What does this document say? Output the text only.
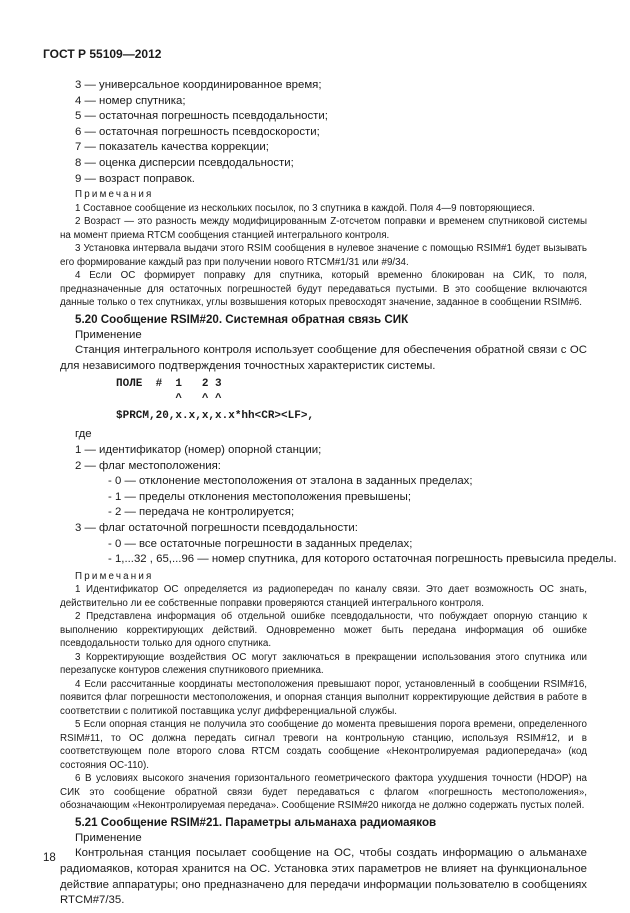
ГОСТ Р 55109—2012
3 — универсальное координированное время;
4 — номер спутника;
5 — остаточная погрешность псевдодальности;
6 — остаточная погрешность псевдоскорости;
7 — показатель качества коррекции;
8 — оценка дисперсии псевдодальности;
9 — возраст поправок.
Примечания

1 Составное сообщение из нескольких посылок, по 3 спутника в каждой. Поля 4—9 повторяющиеся.

2 Возраст — это разность между модифицированным Z-отсчетом поправки и временем спутниковой системы на момент приема RTCM сообщения станцией интегрального контроля.

3 Установка интервала выдачи этого RSIM сообщения в нулевое значение с помощью RSIM#1 будет вызывать его формирование каждый раз при получении нового RTCM#1/31 или #9/34.

4 Если ОС формирует поправку для спутника, который временно блокирован на СИК, то поля, предназначенные для остаточных погрешностей будут передаваться пустыми. В это сообщение включаются данные только о тех спутниках, углы возвышения которых превосходят значение, заданное в сообщении RSIM#6.

5.20 Сообщение RSIM#20. Системная обратная связь СИК
Применение

Станция интегрального контроля использует сообщение для обеспечения обратной связи с ОС для независимого подтверждения точностных характеристик системы.

ПОЛЕ  #  1   2 3
^   ^ ^
$PRCM,20,x.x,x,x.x*hh<CR><LF>,
где
1 — идентификатор (номер) опорной станции;
2 — флаг местоположения:
- 0 — отклонение местоположения от эталона в заданных пределах;
- 1 — пределы отклонения местоположения превышены;
- 2 — передача не контролируется;
3 — флаг остаточной погрешности псевдодальности:
- 0 — все остаточные погрешности в заданных пределах;
- 1,...32 , 65,...96 — номер спутника, для которого остаточная погрешность превысила пределы.
Примечания

1 Идентификатор ОС определяется из радиопередач по каналу связи. Это дает возможность ОС знать, действительно ли ее собственные поправки проверяются станцией интегрального контроля.

2 Представлена информация об отдельной ошибке псевдодальности, что побуждает опорную станцию к выполнению корректирующих действий. Одновременно может быть передана информация об ошибке псевдодальности только для одного спутника.

3 Корректирующие воздействия ОС могут заключаться в прекращении использования этого спутника или перезапуске контуров слежения спутникового приемника.

4 Если рассчитанные координаты местоположения превышают порог, установленный в сообщении RSIM#16, появится флаг погрешности местоположения, и опорная станция выполнит корректирующие действия в работе в соответствии с политикой поставщика услуг дифференциальной службы.

5 Если опорная станция не получила это сообщение до момента превышения порога времени, определенного RSIM#11, то ОС должна передать сигнал тревоги на контрольную станцию, используя RSIM#12, и в соответствующем поле второго слова RTCM создать сообщение «Неконтролируемая радиопередача» (код состояния ОС-110).

6 В условиях высокого значения горизонтального геометрического фактора ухудшения точности (HDOP) на СИК это сообщение обратной связи будет передаваться с флагом «погрешность местоположения», обозначающим «Неконтролируемая передача». Сообщение RSIM#20 никогда не должно содержать пустых полей.

5.21 Сообщение RSIM#21. Параметры альманаха радиомаяков
Применение

Контрольная станция посылает сообщение на ОС, чтобы создать информацию о альманахе радиомаяков, которая хранится на ОС. Установка этих параметров не влияет на функциональное действие аппаратуры; оно предназначено для передачи информации пользователю в сообщениях RTCM#7/35.

18
